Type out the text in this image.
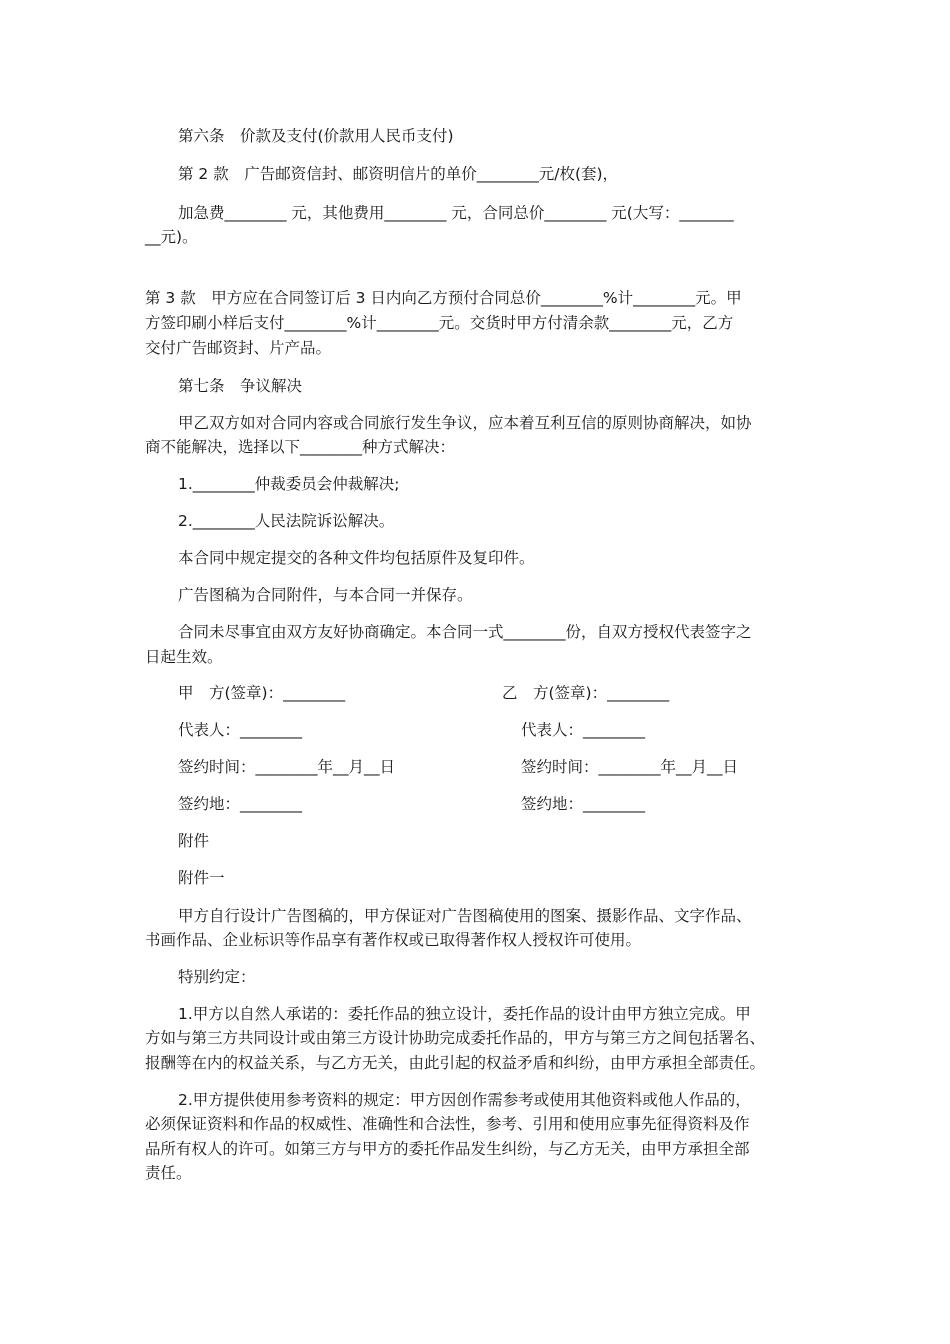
第六条　价款及支付(价款用人民币支付)

第 2 款　广告邮资信封、邮资明信片的单价________元/枚(套)，

加急费________ 元，其他费用________ 元，合同总价________ 元(大写：_______

__元)。

第 3 款　甲方应在合同签订后 3 日内向乙方预付合同总价________%计________元。甲

方签印刷小样后支付________%计________元。交货时甲方付清余款________元，乙方

交付广告邮资封、片产品。

第七条　争议解决

甲乙双方如对合同内容或合同旅行发生争议，应本着互利互信的原则协商解决，如协

商不能解决，选择以下________种方式解决：

1.________仲裁委员会仲裁解决;

2.________人民法院诉讼解决。

本合同中规定提交的各种文件均包括原件及复印件。

广告图稿为合同附件，与本合同一并保存。

合同未尽事宜由双方友好协商确定。本合同一式________份，自双方授权代表签字之

日起生效。

甲　方(签章)：________	乙　方(签章)：________

代表人：________	代表人：________

签约时间：________年__月__日	签约时间：________年__月__日

签约地：________	签约地：________

附件

附件一

甲方自行设计广告图稿的，甲方保证对广告图稿使用的图案、摄影作品、文字作品、

书画作品、企业标识等作品享有著作权或已取得著作权人授权许可使用。

特别约定：

1.甲方以自然人承诺的：委托作品的独立设计，委托作品的设计由甲方独立完成。甲

方如与第三方共同设计或由第三方设计协助完成委托作品的，甲方与第三方之间包括署名、

报酬等在内的权益关系，与乙方无关，由此引起的权益矛盾和纠纷，由甲方承担全部责任。

2.甲方提供使用参考资料的规定：甲方因创作需参考或使用其他资料或他人作品的，

必须保证资料和作品的权威性、准确性和合法性，参考、引用和使用应事先征得资料及作

品所有权人的许可。如第三方与甲方的委托作品发生纠纷，与乙方无关，由甲方承担全部

责任。
